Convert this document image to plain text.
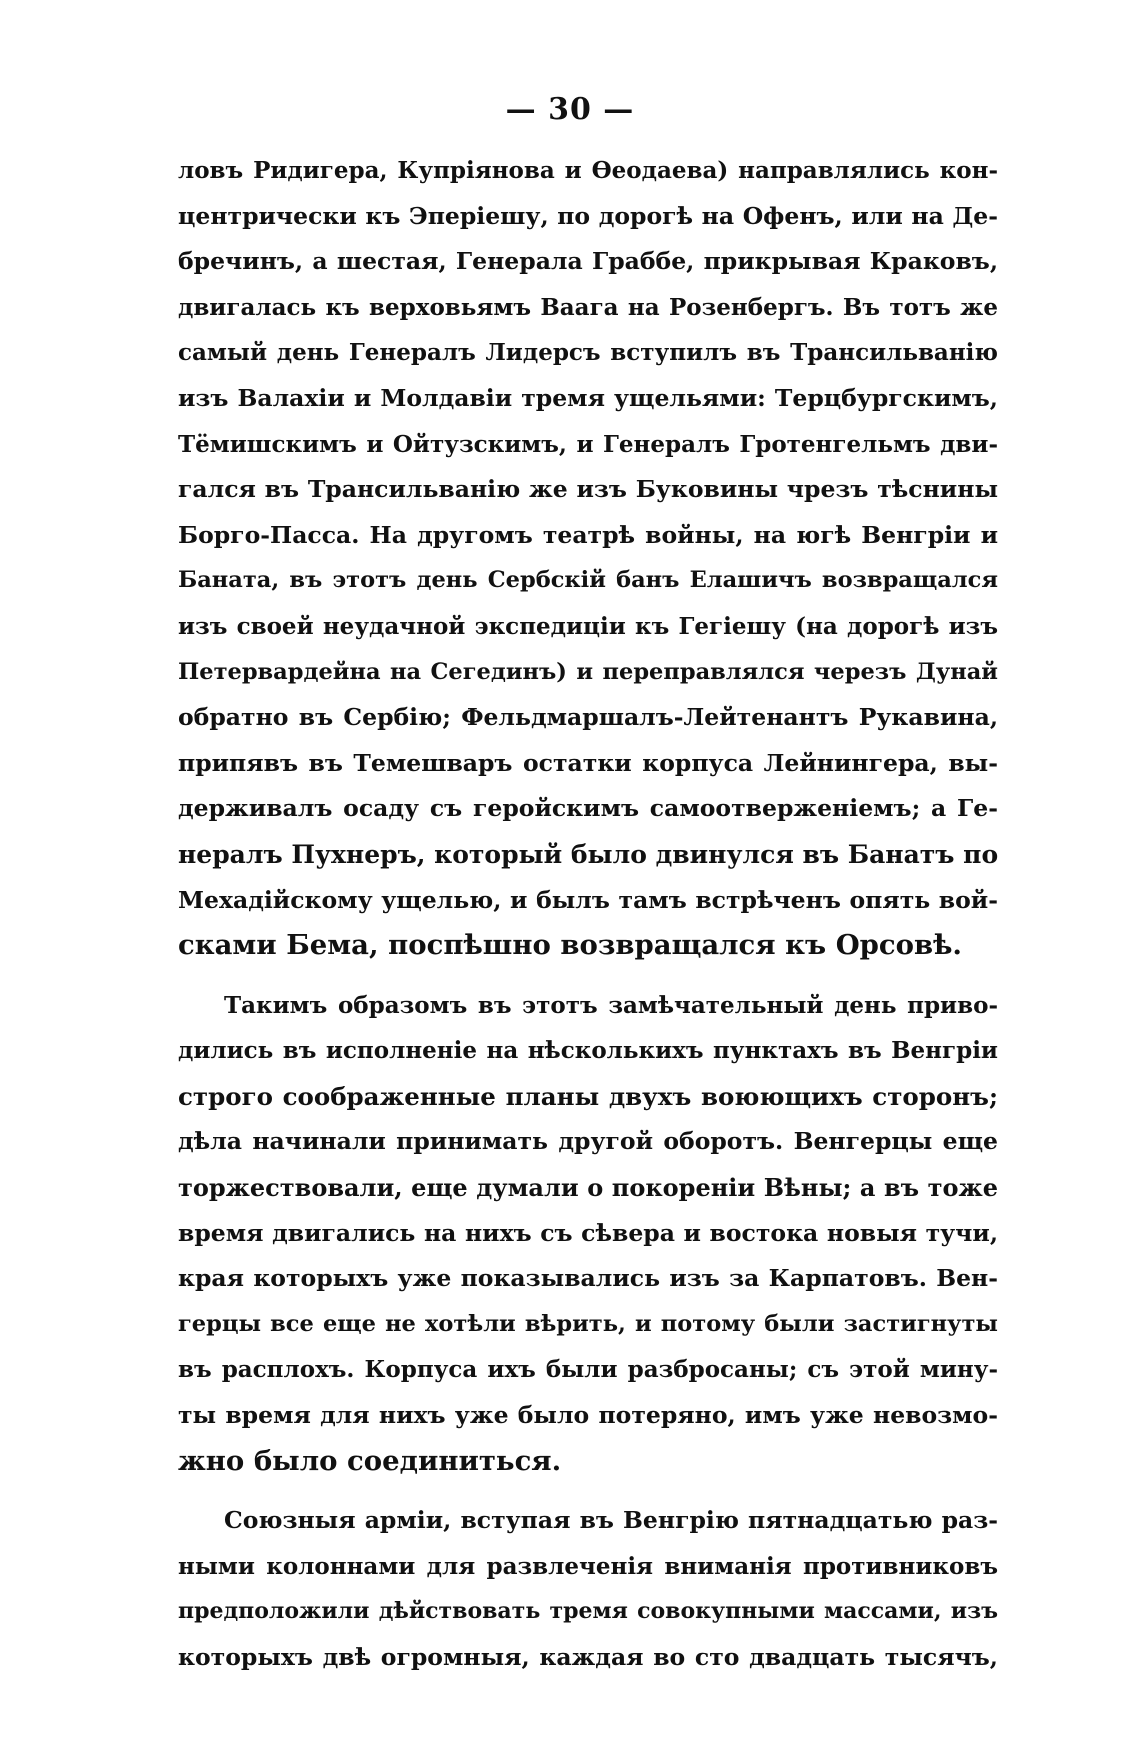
— 30 —
ловъ Ридигера, Купріянова и Ѳеодаева) направлялись кон-
центрически къ Эперіешу, по дорогѣ на Офенъ, или на Де-
бречинъ, а шестая, Генерала Граббе, прикрывая Краковъ,
двигалась къ верховьямъ Ваага на Розенбергъ. Въ тотъ же
самый день Генералъ Лидерсъ вступилъ въ Трансильванію
изъ Валахіи и Молдавіи тремя ущельями: Терцбургскимъ,
Тёмишскимъ и Ойтузскимъ, и Генералъ Гротенгельмъ дви-
гался въ Трансильванію же изъ Буковины чрезъ тѣснины
Борго-Пасса. На другомъ театрѣ войны, на югѣ Венгріи и
Баната, въ этотъ день Сербскій банъ Елашичъ возвращался
изъ своей неудачной экспедиціи къ Гегіешу (на дорогѣ изъ
Петервардейна на Сегединъ) и переправлялся черезъ Дунай
обратно въ Сербію; Фельдмаршалъ-Лейтенантъ Рукавина,
припявъ въ Темешваръ остатки корпуса Лейнингера, вы-
держивалъ осаду съ геройскимъ самоотверженіемъ; а Ге-
нералъ Пухнеръ, который было двинулся въ Банатъ по
Мехадійскому ущелью, и былъ тамъ встрѣченъ опять вой-
сками Бема, поспѣшно возвращался къ Орсовѣ.
Такимъ образомъ въ этотъ замѣчательный день приво-
дились въ исполненіе на нѣсколькихъ пунктахъ въ Венгріи
строго соображенные планы двухъ воюющихъ сторонъ;
дѣла начинали принимать другой оборотъ. Венгерцы еще
торжествовали, еще думали о покореніи Вѣны; а въ тоже
время двигались на нихъ съ сѣвера и востока новыя тучи,
края которыхъ уже показывались изъ за Карпатовъ. Вен-
герцы все еще не хотѣли вѣрить, и потому были застигнуты
въ расплохъ. Корпуса ихъ были разбросаны; съ этой мину-
ты время для нихъ уже было потеряно, имъ уже невозмо-
жно было соединиться.
Союзныя арміи, вступая въ Венгрію пятнадцатью раз-
ными колоннами для развлеченія вниманія противниковъ
предположили дѣйствовать тремя совокупными массами, изъ
которыхъ двѣ огромныя, каждая во сто двадцать тысячъ,
